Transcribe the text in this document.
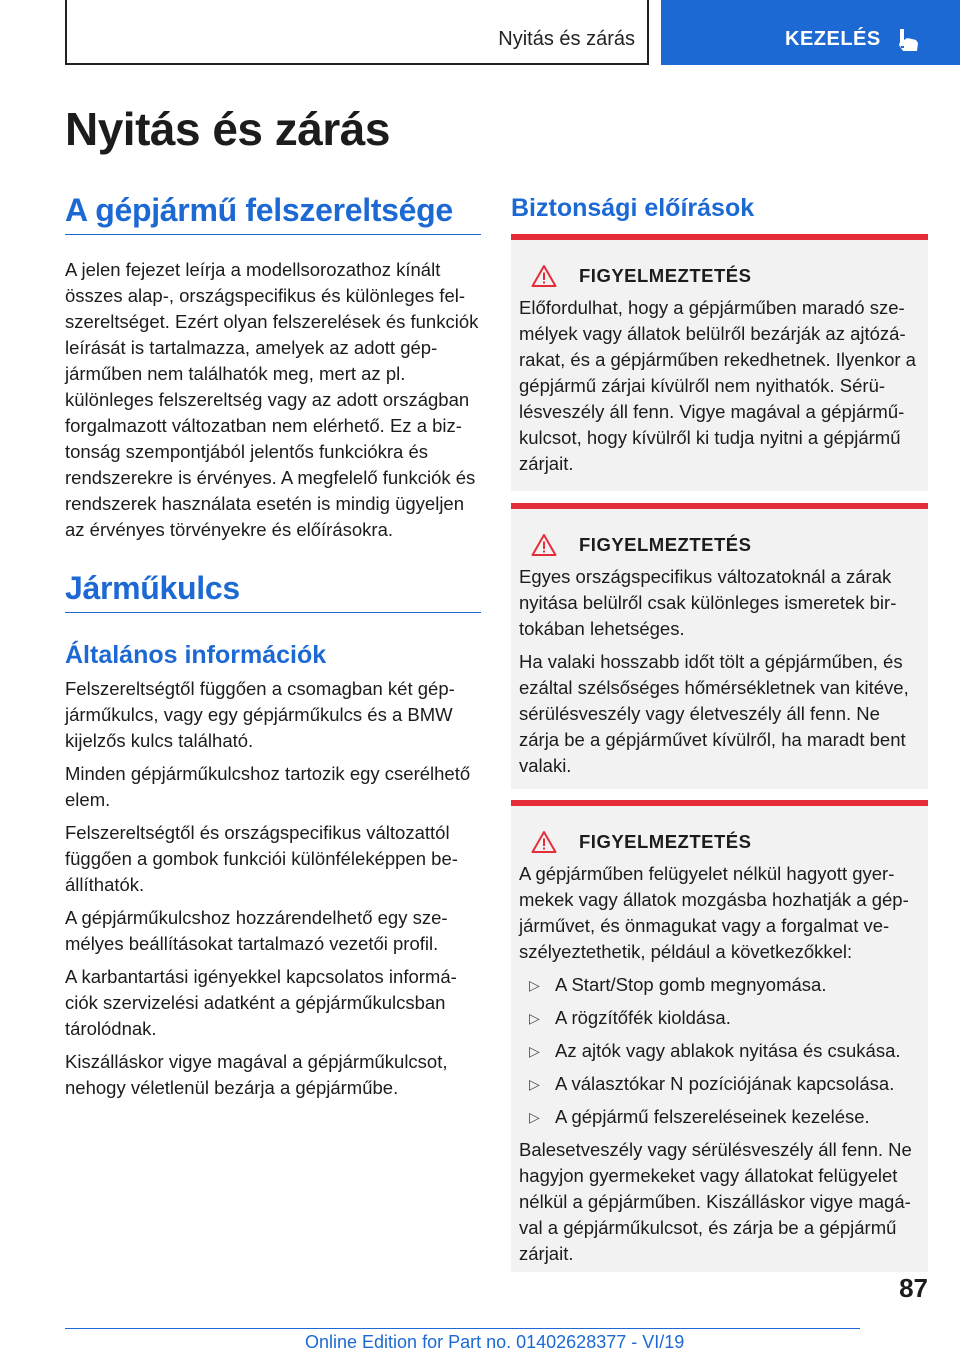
Nyitás és zárás	KEZELÉS
Nyitás és zárás
A gépjármű felszereltsége

A jelen fejezet leírja a modellsorozathoz kínált összes alap-, országspecifikus és különleges felszereltséget. Ezért olyan felszerelések és funkciók leírását is tartalmazza, amelyek az adott gépjárműben nem találhatók meg, mert az pl. különleges felszereltség vagy az adott országban forgalmazott változatban nem elérhető. Ez a biztonság szempontjából jelentős funkciókra és rendszerekre is érvényes. A megfelelő funkciók és rendszerek használata esetén is mindig ügyeljen az érvényes törvényekre és előírásokra.

Járműkulcs
Általános információk

Felszereltségtől függően a csomagban két gépjárműkulcs, vagy egy gépjárműkulcs és a BMW kijelzős kulcs található.

Minden gépjárműkulcshoz tartozik egy cserélhető elem.

Felszereltségtől és országspecifikus változattól függően a gombok funkciói különféleképpen beállíthatók.

A gépjárműkulcshoz hozzárendelhető egy személyes beállításokat tartalmazó vezetői profil.

A karbantartási igényekkel kapcsolatos információk szervizelési adatként a gépjárműkulcsban tárolódnak.

Kiszálláskor vigye magával a gépjárműkulcsot, nehogy véletlenül bezárja a gépjárműbe.

Biztonsági előírások
FIGYELMEZTETÉS

Előfordulhat, hogy a gépjárműben maradó személyek vagy állatok belülről bezárják az ajtózárakat, és a gépjárműben rekedhetnek. Ilyenkor a gépjármű zárjai kívülről nem nyithatók. Sérülésveszély áll fenn. Vigye magával a gépjárműkulcsot, hogy kívülről ki tudja nyitni a gépjármű zárjait.

FIGYELMEZTETÉS

Egyes országspecifikus változatoknál a zárak nyitása belülről csak különleges ismeretek birtokában lehetséges.

Ha valaki hosszabb időt tölt a gépjárműben, és ezáltal szélsőséges hőmérsékletnek van kitéve, sérülésveszély vagy életveszély áll fenn. Ne zárja be a gépjárművet kívülről, ha maradt bent valaki.

FIGYELMEZTETÉS

A gépjárműben felügyelet nélkül hagyott gyermekek vagy állatok mozgásba hozhatják a gépjárművet, és önmagukat vagy a forgalmat veszélyeztethetik, például a következőkkel:

▷ A Start/Stop gomb megnyomása.
▷ A rögzítőfék kioldása.
▷ Az ajtók vagy ablakok nyitása és csukása.
▷ A választókar N pozíciójának kapcsolása.
▷ A gépjármű felszereléseinek kezelése.

Balesetveszély vagy sérülésveszély áll fenn. Ne hagyjon gyermekeket vagy állatokat felügyelet nélkül a gépjárműben. Kiszálláskor vigye magával a gépjárműkulcsot, és zárja be a gépjármű zárjait.

87
Online Edition for Part no. 01402628377 - VI/19
